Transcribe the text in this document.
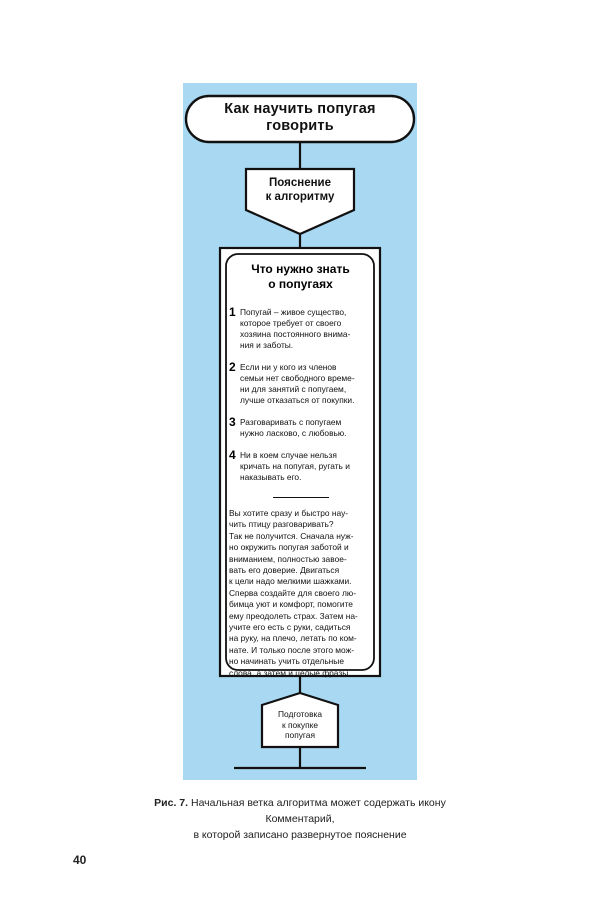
Как научить попугая
говорить
Пояснение
к алгоритму
Что нужно знать
о попугаях
1 Попугай – живое существо,
которое требует от своего
хозяина постоянного внима-
ния и заботы.
2 Если ни у кого из членов
семьи нет свободного време-
ни для занятий с попугаем,
лучше отказаться от покупки.
3 Разговаривать с попугаем
нужно ласково, с любовью.
4 Ни в коем случае нельзя
кричать на попугая, ругать и
наказывать его.
Вы хотите сразу и быстро нау-
чить птицу разговаривать?
Так не получится. Сначала нуж-
но окружить попугая заботой и
вниманием, полностью завое-
вать его доверие. Двигаться
к цели надо мелкими шажками.
Сперва создайте для своего лю-
бимца уют и комфорт, помогите
ему преодолеть страх. Затем на-
учите его есть с руки, садиться
на руку, на плечо, летать по ком-
нате. И только после этого мож-
но начинать учить отдельные
слова, а затем и целые фразы.
Подготовка
к покупке
попугая
Рис. 7. Начальная ветка алгоритма может содержать икону Комментарий,
в которой записано развернутое пояснение
40
